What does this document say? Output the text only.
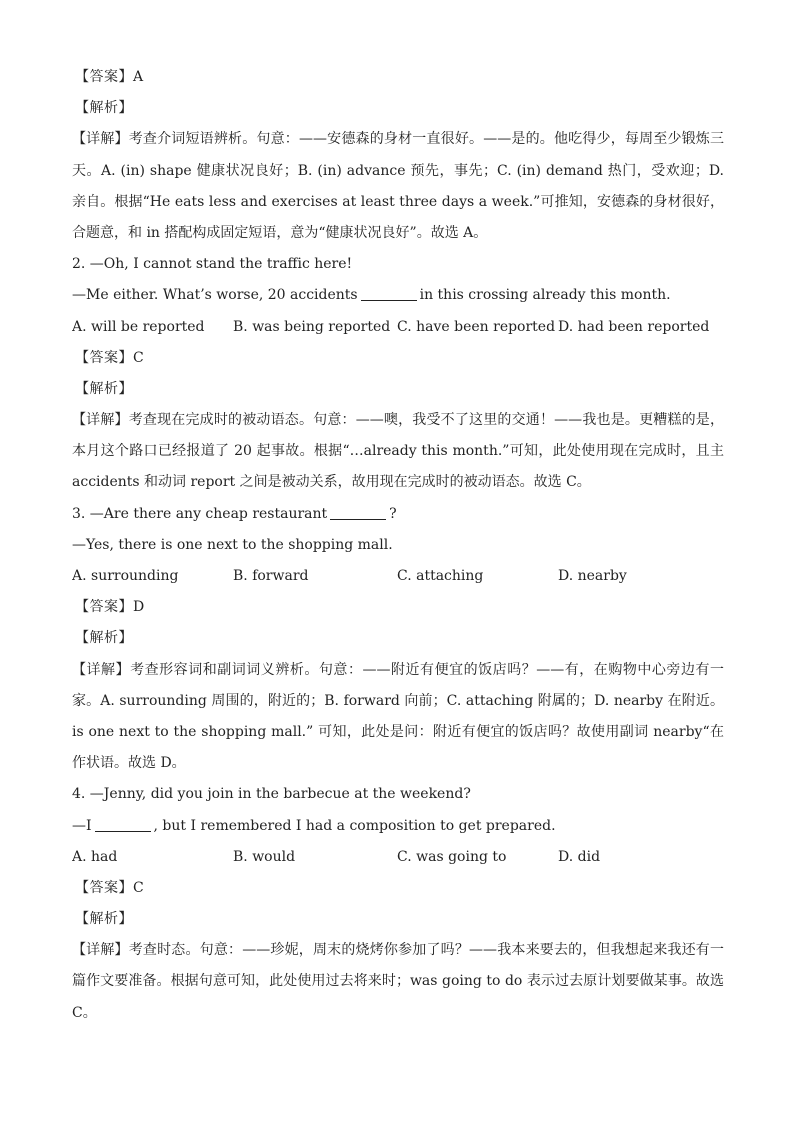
【答案】A
【解析】
【详解】考查介词短语辨析。句意：——安德森的身材一直很好。——是的。他吃得少，每周至少锻炼三
天。A. (in) shape 健康状况良好；B. (in) advance 预先，事先；C. (in) demand 热门，受欢迎；D.
亲自。根据“He eats less and exercises at least three days a week.”可推知，安德森的身材很好，
合题意，和 in 搭配构成固定短语，意为“健康状况良好”。故选 A。
2. —Oh, I cannot stand the traffic here!
—Me either. What’s worse, 20 accidents	in this crossing already this month.
A. will be reported	B. was being reported C. have been reported D. had been reported
【答案】C
【解析】
【详解】考查现在完成时的被动语态。句意：——噢，我受不了这里的交通！——我也是。更糟糕的是，
本月这个路口已经报道了 20 起事故。根据“…already this month.”可知，此处使用现在完成时，且主
accidents 和动词 report 之间是被动关系，故用现在完成时的被动语态。故选 C。
3. —Are there any cheap restaurant	?
—Yes, there is one next to the shopping mall.
A. surrounding	B. forward	C. attaching	D. nearby
【答案】D
【解析】
【详解】考查形容词和副词词义辨析。句意：——附近有便宜的饭店吗？——有，在购物中心旁边有一
家。A. surrounding 周围的，附近的；B. forward 向前；C. attaching 附属的；D. nearby 在附近。
is one next to the shopping mall.” 可知，此处是问：附近有便宜的饭店吗？故使用副词 nearby“在
作状语。故选 D。
4. —Jenny, did you join in the barbecue at the weekend?
—I	, but I remembered I had a composition to get prepared.
A. had	B. would	C. was going to	D. did
【答案】C
【解析】
【详解】考查时态。句意：——珍妮，周末的烧烤你参加了吗？——我本来要去的，但我想起来我还有一
篇作文要准备。根据句意可知，此处使用过去将来时；was going to do 表示过去原计划要做某事。故选
C。
